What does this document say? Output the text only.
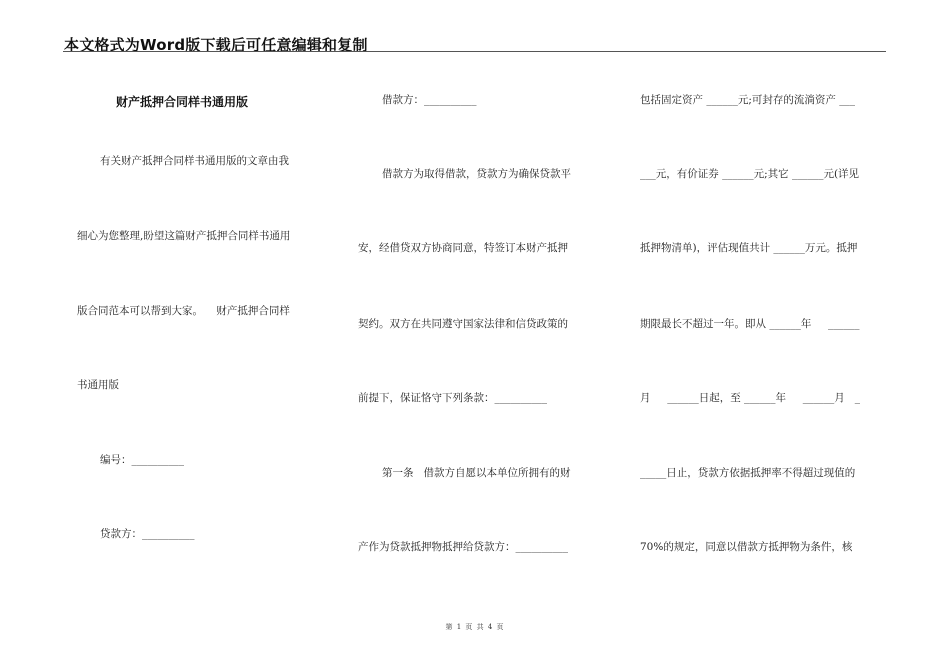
本文格式为Word版下载后可任意编辑和复制
财产抵押合同样书通用版
有关财产抵押合同样书通用版的文章由我
细心为您整理,盼望这篇财产抵押合同样书通用
版合同范本可以帮到大家。    财产抵押合同样
书通用版
编号：__________
贷款方：__________
借款方：__________
借款方为取得借款，贷款方为确保贷款平
安，经借贷双方协商同意，特签订本财产抵押
契约。双方在共同遵守国家法律和信贷政策的
前提下，保证恪守下列条款：__________
第一条   借款方自愿以本单位所拥有的财
产作为贷款抵押物抵押给贷款方：__________
包括固定资产 ______元;可封存的流淌资产 ___
___元，有价证券 ______元;其它 ______元(详见
抵押物清单)，评估现值共计 ______万元。抵押
期限最长不超过一年。即从 ______年     ______
月     ______日起，至 ______年     ______月   _
_____日止，贷款方依据抵押率不得超过现值的
70%的规定，同意以借款方抵押物为条件，核
第 1 页 共 4 页
